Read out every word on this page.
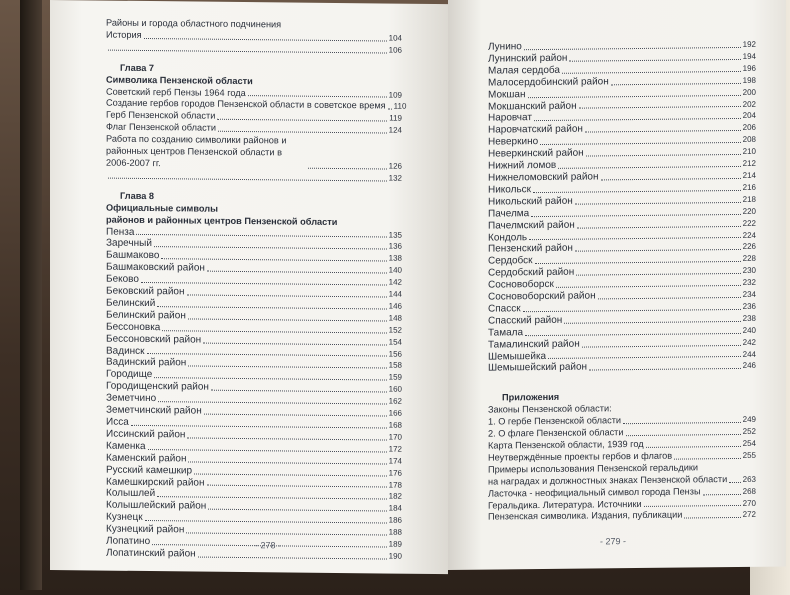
Районы и города областного подчинения
История	104
106
Глава 7
Символика Пензенской области
Советский герб Пензы 1964 года	109
Создание гербов городов Пензенской области в советское время 110
Герб Пензенской области	119
Флаг Пензенской области	124
Работа по созданию символики районов и районных центров Пензенской области в 2006-2007 гг.	126
132
Глава 8
Официальные символы
районов и районных центров Пензенской области
Пенза	135
Заречный	136
Башмаково	138
Башмаковский район	140
Беково	142
Бековский район	144
Белинский	146
Белинский район	148
Бессоновка	152
Бессоновский район	154
Вадинск	156
Вадинский район	158
Городище	159
Городищенский район	160
Земетчино	162
Земетчинский район	166
Исса	168
Иссинский район	170
Каменка	172
Каменский район	174
Русский камешкир	176
Камешкирский район	178
Колышлей	182
Колышлейский район	184
Кузнецк	186
Кузнецкий район	188
Лопатино	189
Лопатинский район	190
- 278 -
Лунино	192
Лунинский район	194
Малая сердоба	196
Малосердобинский район	198
Мокшан	200
Мокшанский район	202
Наровчат	204
Наровчатский район	206
Неверкино	208
Неверкинский район	210
Нижний ломов	212
Нижнеломовский район	214
Никольск	216
Никольский район	218
Пачелма	220
Пачелмский район	222
Кондоль	224
Пензенский район	226
Сердобск	228
Сердобский район	230
Сосновоборск	232
Сосновоборский район	234
Спасск	236
Спасский район	238
Тамала	240
Тамалинский район	242
Шемышейка	244
Шемышейский район	246
Приложения
Законы Пензенской области:
1. О гербе Пензенской области	249
2. О флаге Пензенской области	252
Карта Пензенской области, 1939 год	254
Неутверждённые проекты гербов и флагов	255
Примеры использования Пензенской геральдики
на наградах и должностных знаках Пензенской области 263
Ласточка - неофициальный символ города Пензы	268
Геральдика. Литература. Источники	270
Пензенская символика. Издания, публикации	272
- 279 -
